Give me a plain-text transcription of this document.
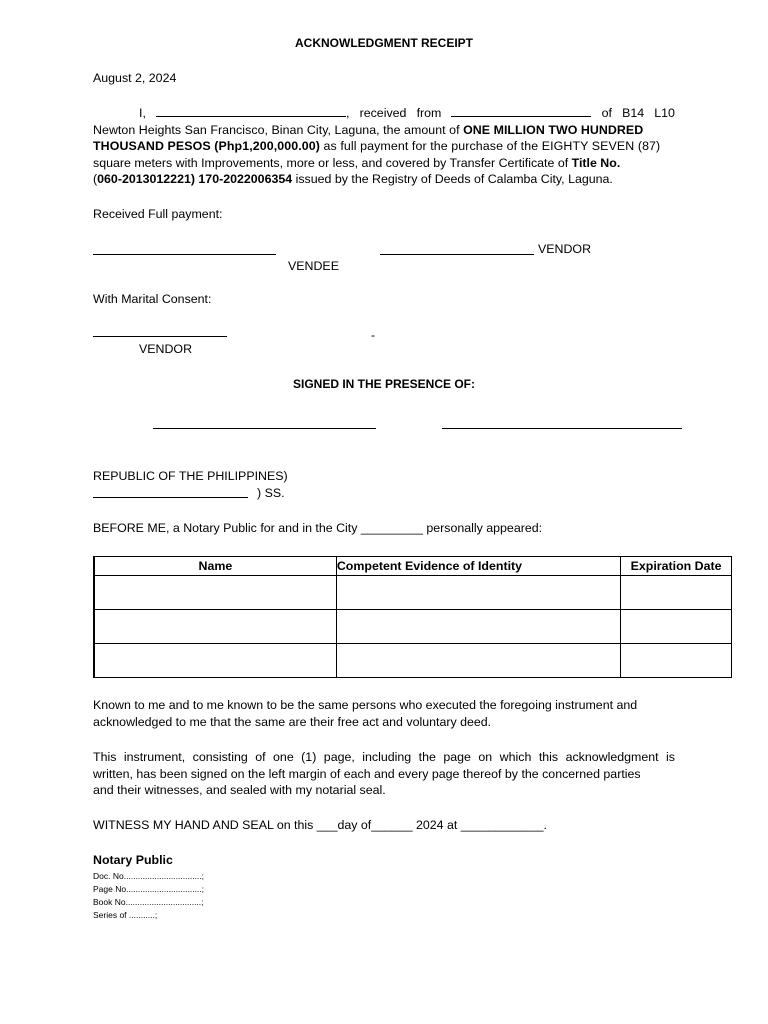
ACKNOWLEDGMENT RECEIPT
August 2, 2024
I,	, received from	of B14 L10
Newton Heights San Francisco, Binan City, Laguna, the amount of ONE MILLION TWO HUNDRED
THOUSAND PESOS (Php1,200,000.00) as full payment for the purchase of the EIGHTY SEVEN (87)
square meters with Improvements, more or less, and covered by Transfer Certificate of Title No.
(060-2013012221) 170-2022006354 issued by the Registry of Deeds of Calamba City, Laguna.
Received Full payment:
VENDOR
VENDEE
With Marital Consent:
-
VENDOR
SIGNED IN THE PRESENCE OF:
REPUBLIC OF THE PHILIPPINES)
) SS.
BEFORE ME, a Notary Public for and in the City _________ personally appeared:
Name	Competent Evidence of Identity	Expiration Date

Known to me and to me known to be the same persons who executed the foregoing instrument and
acknowledged to me that the same are their free act and voluntary deed.
This instrument, consisting of one (1) page, including the page on which this acknowledgment is
written, has been signed on the left margin of each and every page thereof by the concerned parties
and their witnesses, and sealed with my notarial seal.
WITNESS MY HAND AND SEAL on this ___day of______ 2024 at ____________.
Notary Public
Doc. No.................................;
Page No................................;
Book No................................;
Series of ...........;
